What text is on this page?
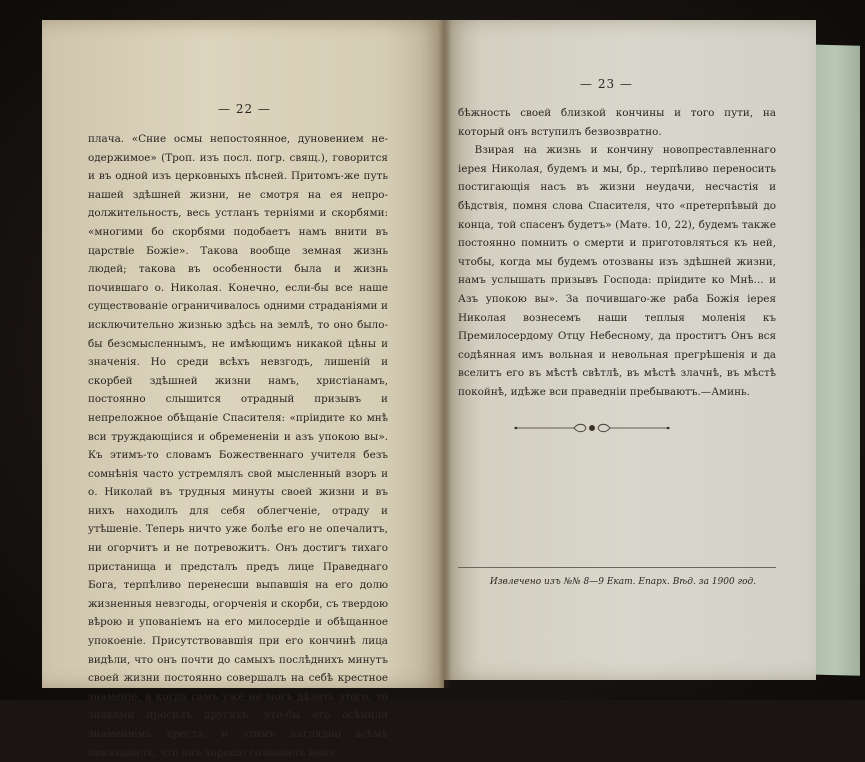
— 22 —

плача. «Сние осмы непостоянное, дуновением неодержимое» (Троп. изъ посл. погр. свящ.), говорится и въ одной изъ церковныхъ пѣсней. Притомъ-же путь нашей здѣшней жизни, не смотря на ея непродолжительность, весь устланъ терніями и скорбями: «многими бо скорбями подобаетъ намъ внити въ царствіе Божіе». Такова вообще земная жизнь людей; такова въ особенности была и жизнь почившаго о. Николая. Конечно, если-бы все наше существованіе ограничивалось одними страданіями и исключительно жизнью здѣсь на землѣ, то оно было-бы безсмысленнымъ, не имѣющимъ никакой цѣны и значенія. Но среди всѣхъ невзгодъ, лишеній и скорбей здѣшней жизни намъ, христіанамъ, постоянно слышится отрадный призывъ и непреложное обѣщаніе Спасителя: «пріидите ко мнѣ вси труждающіися и обремененіи и азъ упокою вы». Къ этимъ-то словамъ Божественнаго учителя безъ сомнѣнія часто устремлялъ свой мысленный взоръ и о. Николай въ трудныя минуты своей жизни и въ нихъ находилъ для себя облегченіе, отраду и утѣшеніе. Теперь ничто уже болѣе его не опечалитъ, ни огорчитъ и не потревожитъ. Онъ достигъ тихаго пристанища и предсталъ предъ лице Праведнаго Бога, терпѣливо перенесши выпавшія на его долю жизненныя невзгоды, огорченія и скорби, съ твердою вѣрою и упованіемъ на его милосердіе и обѣщанное упокоеніе. Присутствовавшія при его кончинѣ лица видѣли, что онъ почти до самыхъ послѣднихъ минутъ своей жизни постоянно совершалъ на себѣ крестное знаменіе, а когда самъ уже не могъ дѣлать этого, то знаками просилъ другихъ, что-бы его осѣнили знаменіемъ креста, и этимъ наглядно всѣмъ показывалъ, что онъ хорошо сознавалъ неиз-

— 23 —

бѣжность своей близкой кончины и того пути, на который онъ вступилъ безвозвратно.

Взирая на жизнь и кончину новопреставленнаго іерея Николая, будемъ и мы, бр., терпѣливо переносить постигающія насъ въ жизни неудачи, несчастія и бѣдствія, помня слова Спасителя, что «претерпѣвый до конца, той спасенъ будетъ» (Матѳ. 10, 22), будемъ также постоянно помнить о смерти и приготовляться къ ней, чтобы, когда мы будемъ отозваны изъ здѣшней жизни, намъ услышать призывъ Господа: пріидите ко Мнѣ... и Азъ упокою вы». За почившаго-же раба Божія іерея Николая вознесемъ наши теплыя моленія къ Премилосердому Отцу Небесному, да проститъ Онъ вся содѣянная имъ вольная и невольная прегрѣшенія и да вселитъ его въ мѣстѣ свѣтлѣ, въ мѣстѣ злачнѣ, въ мѣстѣ покойнѣ, идѣже вси праведніи пребываютъ.—Аминь.

Извлечено изъ №№ 8—9 Екат. Епарх. Вѣд. за 1900 год.
